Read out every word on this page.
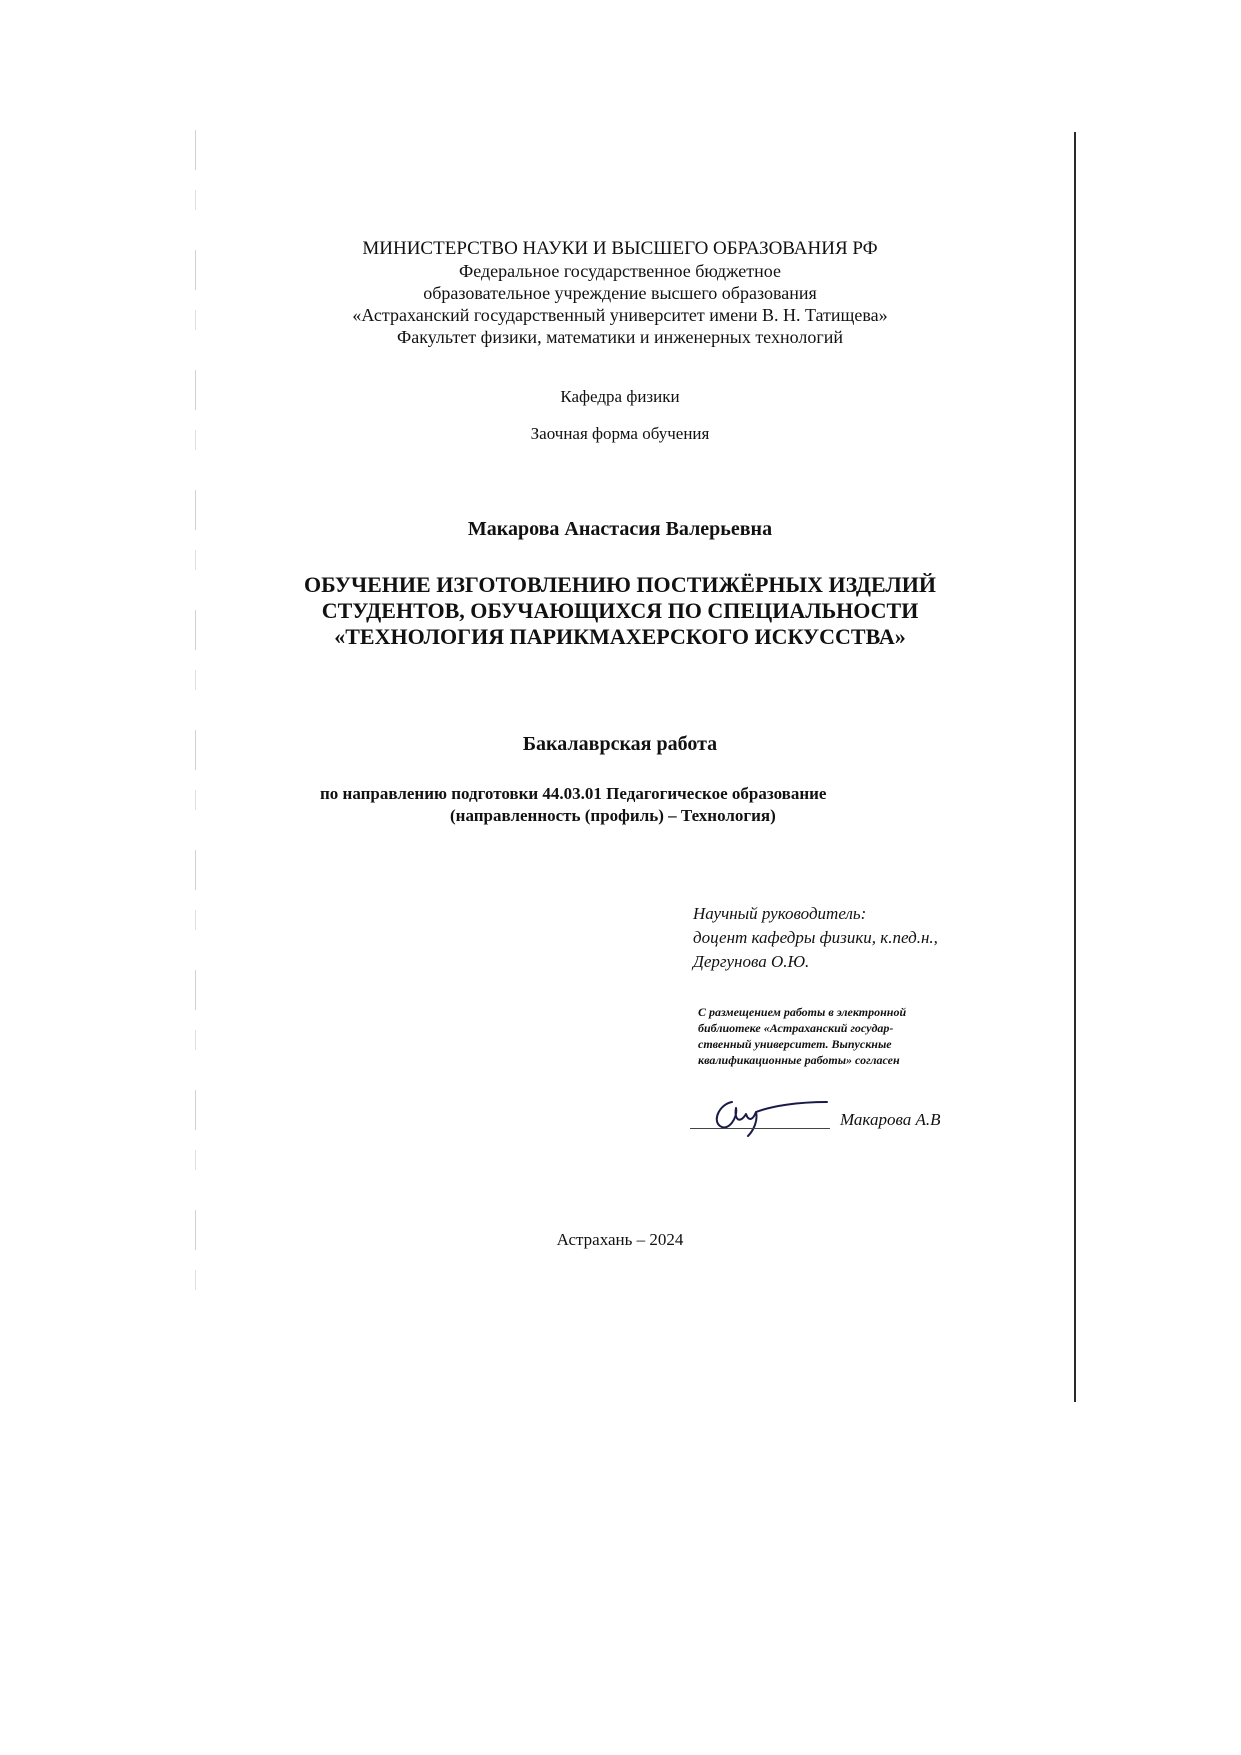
МИНИСТЕРСТВО НАУКИ И ВЫСШЕГО ОБРАЗОВАНИЯ РФ
Федеральное государственное бюджетное
образовательное учреждение высшего образования
«Астраханский государственный университет имени В. Н. Татищева»
Факультет физики, математики и инженерных технологий
Кафедра физики
Заочная форма обучения
Макарова Анастасия Валерьевна
ОБУЧЕНИЕ ИЗГОТОВЛЕНИЮ ПОСТИЖЁРНЫХ ИЗДЕЛИЙ
СТУДЕНТОВ, ОБУЧАЮЩИХСЯ ПО СПЕЦИАЛЬНОСТИ
«ТЕХНОЛОГИЯ ПАРИКМАХЕРСКОГО ИСКУССТВА»
Бакалаврская работа
по направлению подготовки 44.03.01 Педагогическое образование
(направленность (профиль) – Технология)
Научный руководитель:
доцент кафедры физики, к.пед.н.,
Дергунова О.Ю.
С размещением работы в электронной
библиотеке «Астраханский государ-
ственный университет. Выпускные
квалификационные работы» согласен
Макарова А.В
Астрахань – 2024
